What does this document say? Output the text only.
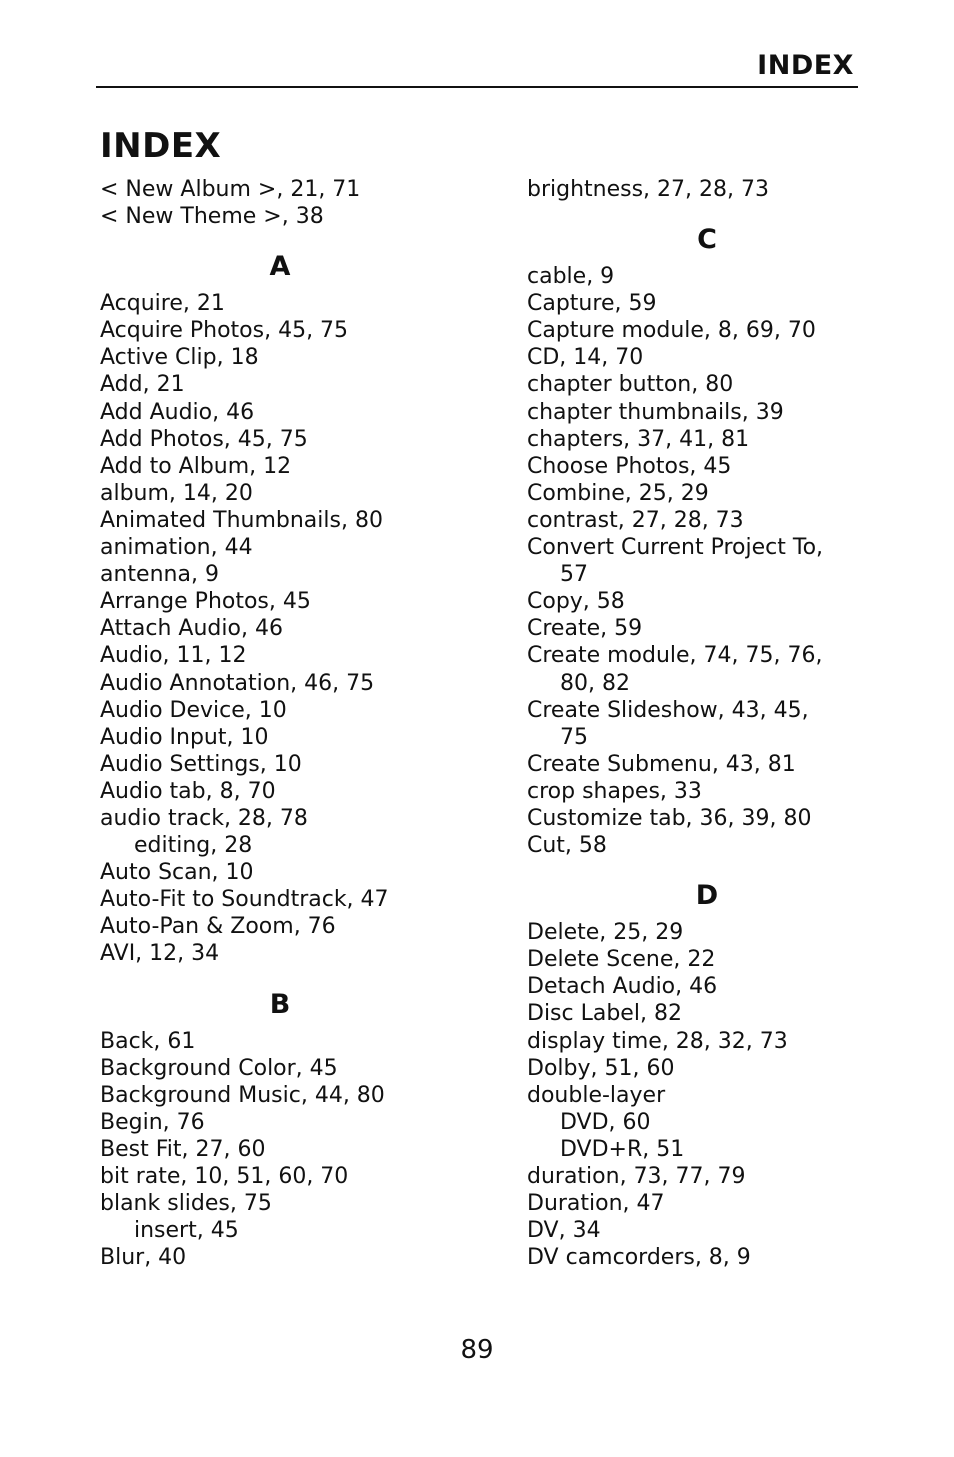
INDEX
INDEX
< New Album >, 21, 71
< New Theme >, 38
A
Acquire, 21
Acquire Photos, 45, 75
Active Clip, 18
Add, 21
Add Audio, 46
Add Photos, 45, 75
Add to Album, 12
album, 14, 20
Animated Thumbnails, 80
animation, 44
antenna, 9
Arrange Photos, 45
Attach Audio, 46
Audio, 11, 12
Audio Annotation, 46, 75
Audio Device, 10
Audio Input, 10
Audio Settings, 10
Audio tab, 8, 70
audio track, 28, 78
editing, 28
Auto Scan, 10
Auto-Fit to Soundtrack, 47
Auto-Pan & Zoom, 76
AVI, 12, 34
B
Back, 61
Background Color, 45
Background Music, 44, 80
Begin, 76
Best Fit, 27, 60
bit rate, 10, 51, 60, 70
blank slides, 75
insert, 45
Blur, 40
brightness, 27, 28, 73
C
cable, 9
Capture, 59
Capture module, 8, 69, 70
CD, 14, 70
chapter button, 80
chapter thumbnails, 39
chapters, 37, 41, 81
Choose Photos, 45
Combine, 25, 29
contrast, 27, 28, 73
Convert Current Project To,
57
Copy, 58
Create, 59
Create module, 74, 75, 76,
80, 82
Create Slideshow, 43, 45,
75
Create Submenu, 43, 81
crop shapes, 33
Customize tab, 36, 39, 80
Cut, 58
D
Delete, 25, 29
Delete Scene, 22
Detach Audio, 46
Disc Label, 82
display time, 28, 32, 73
Dolby, 51, 60
double-layer
DVD, 60
DVD+R, 51
duration, 73, 77, 79
Duration, 47
DV, 34
DV camcorders, 8, 9
89
